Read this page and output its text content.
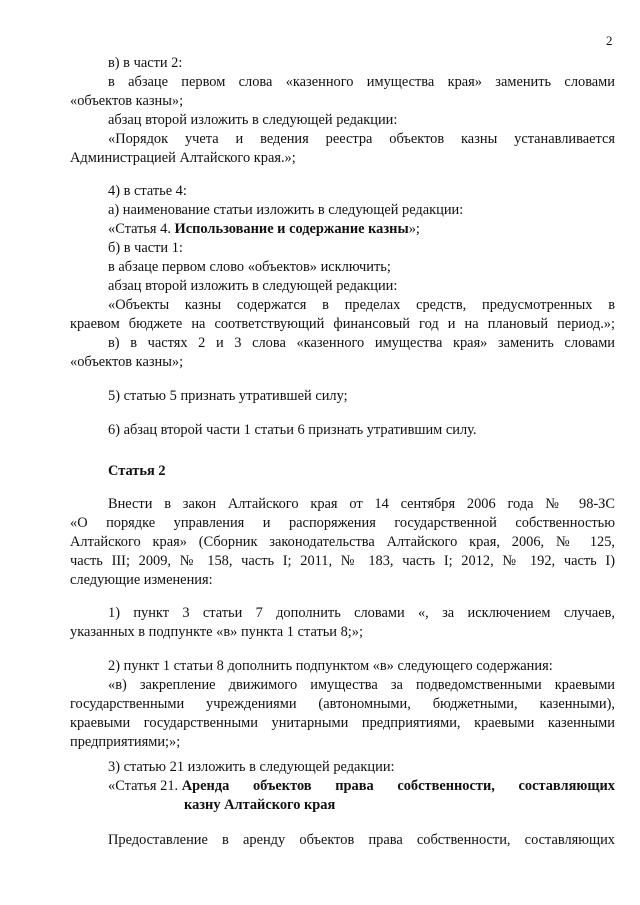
2
в) в части 2:
в абзаце первом слова «казенного имущества края» заменить словами
«объектов казны»;
абзац второй изложить в следующей редакции:
«Порядок учета и ведения реестра объектов казны устанавливается
Администрацией Алтайского края.»;
4) в статье 4:
а) наименование статьи изложить в следующей редакции:
«Статья 4. Использование и содержание казны»;
б) в части 1:
в абзаце первом слово «объектов» исключить;
абзац второй изложить в следующей редакции:
«Объекты казны содержатся в пределах средств, предусмотренных в
краевом бюджете на соответствующий финансовый год и на плановый период.»;
в) в частях 2 и 3 слова «казенного имущества края» заменить словами
«объектов казны»;
5) статью 5 признать утратившей силу;
6) абзац второй части 1 статьи 6 признать утратившим силу.
Статья 2
Внести в закон Алтайского края от 14 сентября 2006 года № 98-ЗС
«О порядке управления и распоряжения государственной собственностью
Алтайского края» (Сборник законодательства Алтайского края, 2006, № 125,
часть III; 2009, № 158, часть I; 2011, № 183, часть I; 2012, № 192, часть I)
следующие изменения:
1) пункт 3 статьи 7 дополнить словами «, за исключением случаев,
указанных в подпункте «в» пункта 1 статьи 8;»;
2) пункт 1 статьи 8 дополнить подпунктом «в» следующего содержания:
«в) закрепление движимого имущества за подведомственными краевыми
государственными учреждениями (автономными, бюджетными, казенными),
краевыми государственными унитарными предприятиями, краевыми казенными
предприятиями;»;
3) статью 21 изложить в следующей редакции:
«Статья 21. Аренда объектов права собственности, составляющих
казну Алтайского края
Предоставление в аренду объектов права собственности, составляющих
